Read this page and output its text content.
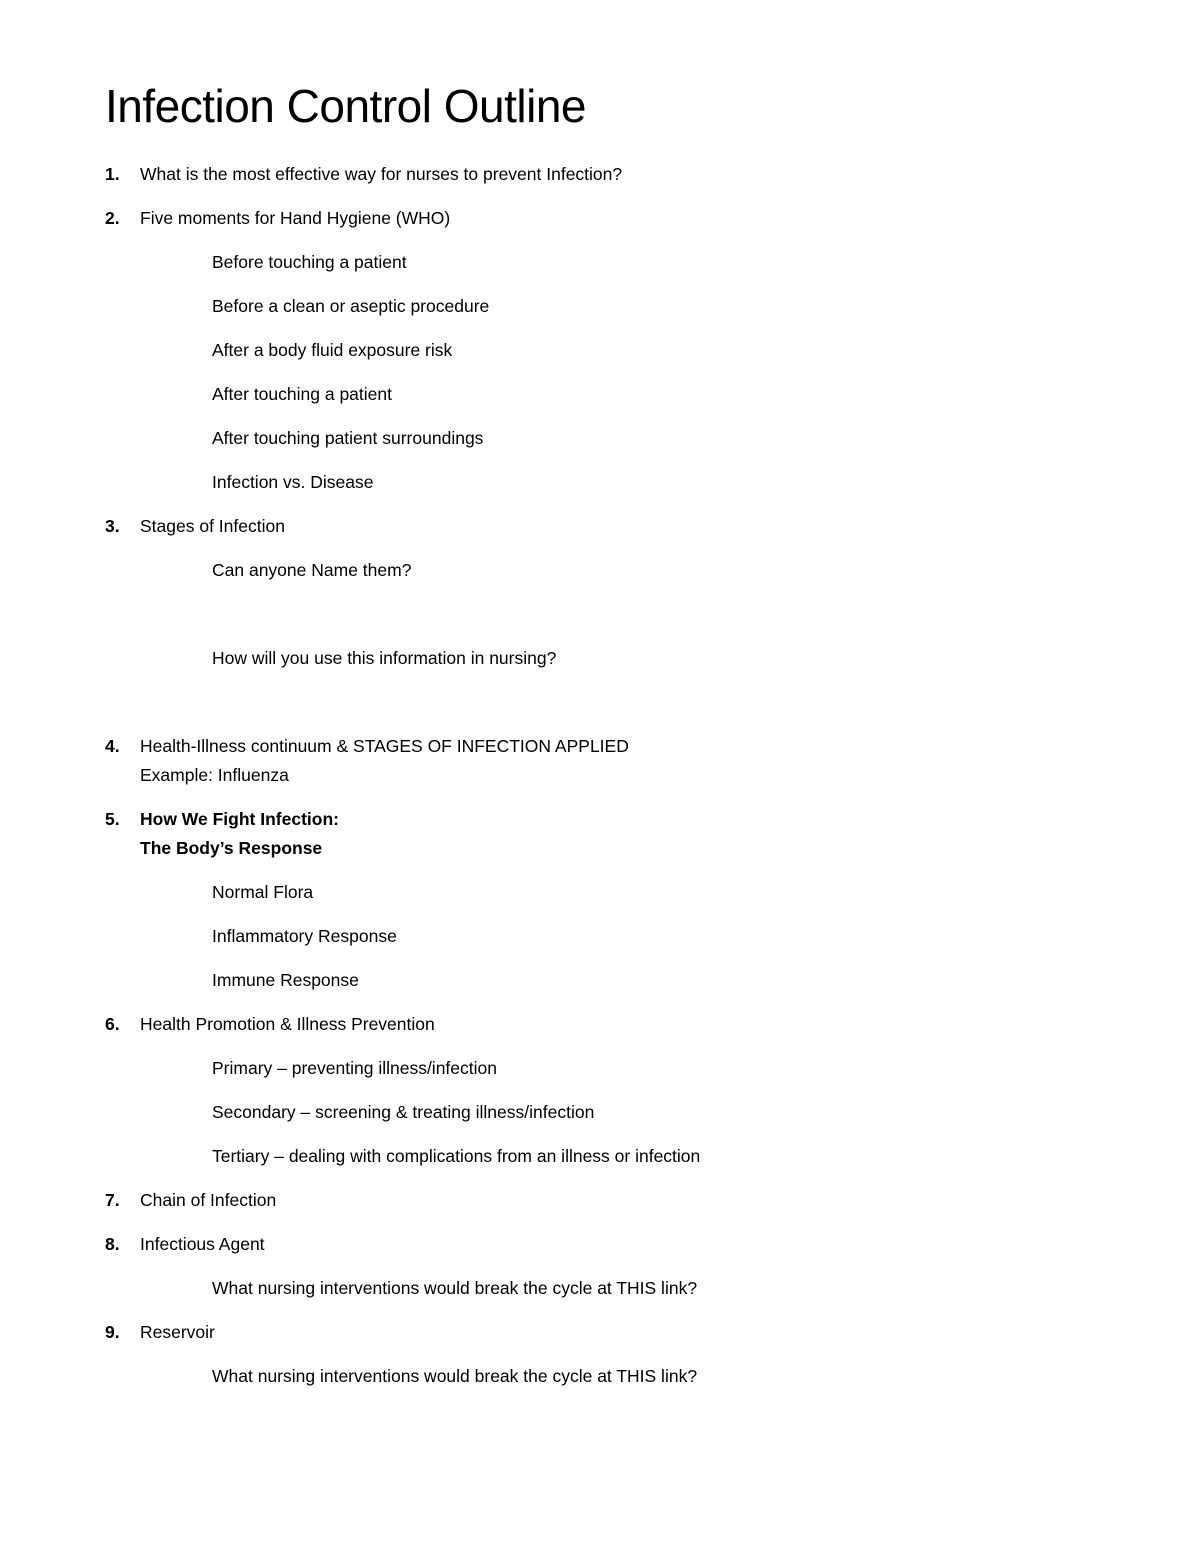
Infection Control Outline
1.	What is the most effective way for nurses to prevent Infection?
2.	Five moments for Hand Hygiene (WHO)
Before touching a patient
Before a clean or aseptic procedure
After a body fluid exposure risk
After touching a patient
After touching patient surroundings
Infection vs. Disease
3.	Stages of Infection
Can anyone Name them?
How will you use this information in nursing?
4.	Health-Illness continuum & STAGES OF INFECTION APPLIED
Example: Influenza
5.	How We Fight Infection:
The Body’s Response
Normal Flora
Inflammatory Response
Immune Response
6.	Health Promotion & Illness Prevention
Primary – preventing illness/infection
Secondary – screening & treating illness/infection
Tertiary – dealing with complications from an illness or infection
7.	Chain of Infection
8.	Infectious Agent
What nursing interventions would break the cycle at THIS link?
9.	Reservoir
What nursing interventions would break the cycle at THIS link?
